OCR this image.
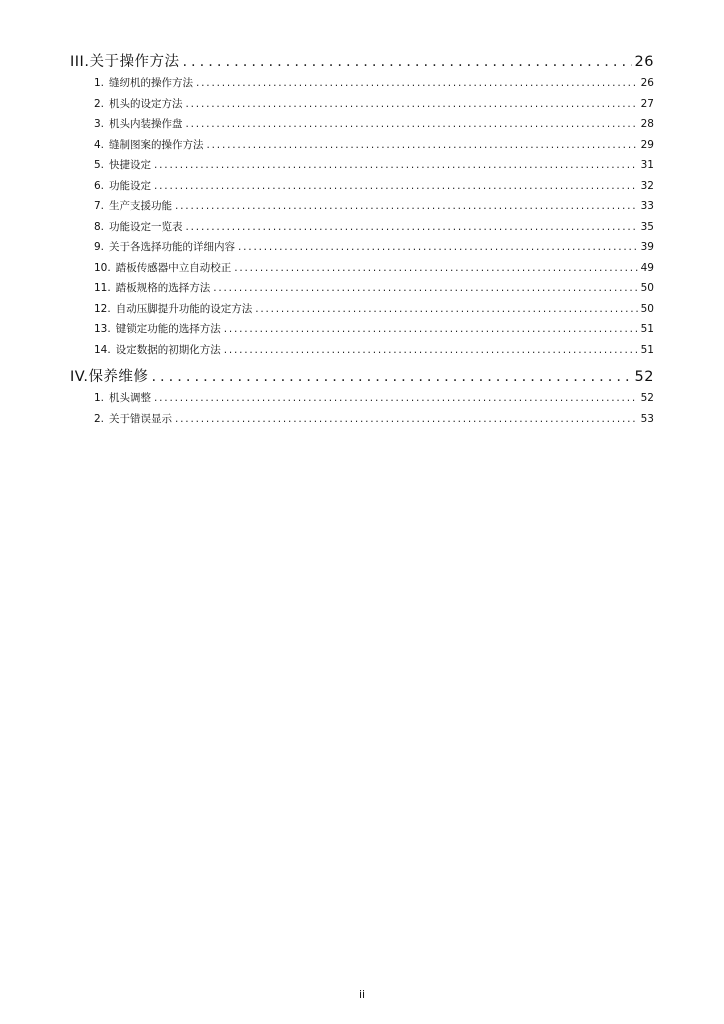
III. 关于操作方法 .....	26
1. 缝纫机的操作方法 .....	26
2. 机头的设定方法 .....	27
3. 机头内装操作盘 .....	28
4. 缝制图案的操作方法 .....	29
5. 快捷设定 .....	31
6. 功能设定 .....	32
7. 生产支援功能 .....	33
8. 功能设定一览表 .....	35
9. 关于各选择功能的详细内容 .....	39
10. 踏板传感器中立自动校正 .....	49
11. 踏板规格的选择方法 .....	50
12. 自动压脚提升功能的设定方法 .....	50
13. 键锁定功能的选择方法 .....	51
14. 设定数据的初期化方法 .....	51
IV. 保养维修 .....	52
1. 机头调整 .....	52
2. 关于错误显示 .....	53
ii
